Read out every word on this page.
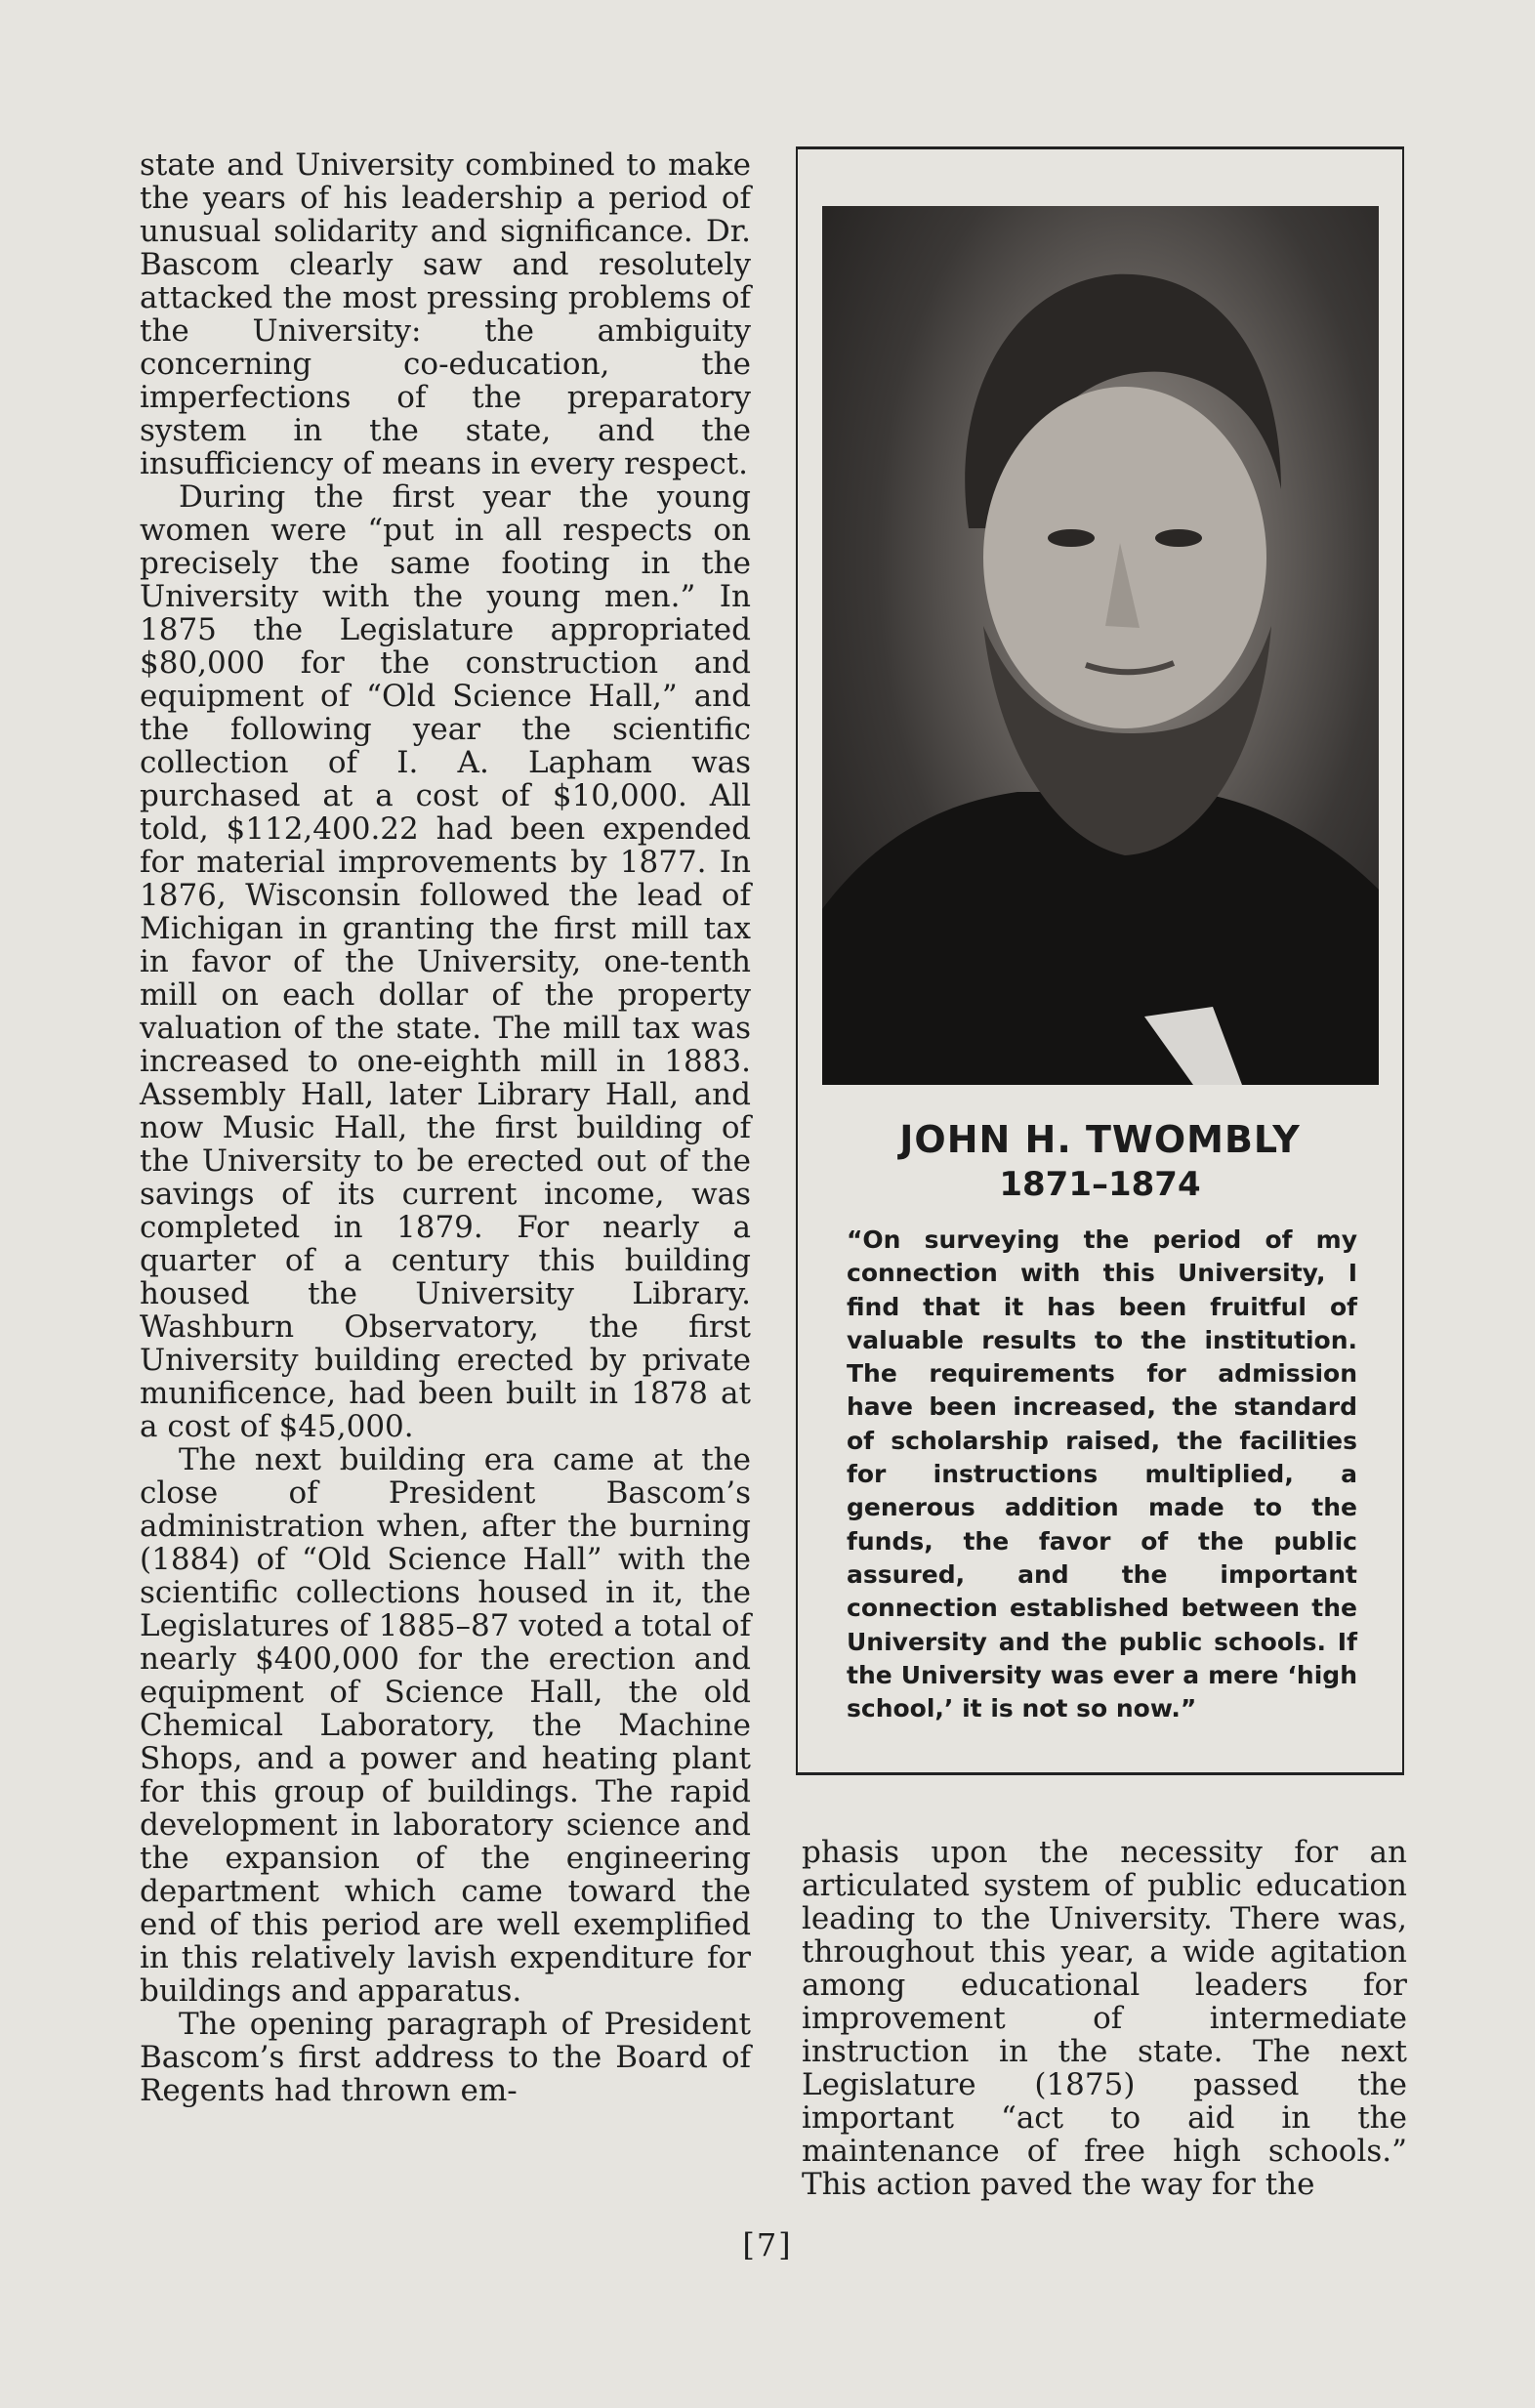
state and University combined to make the years of his leadership a period of unusual solidarity and significance. Dr. Bascom clearly saw and resolutely attacked the most pressing problems of the University: the ambiguity concerning co-education, the imperfections of the preparatory system in the state, and the insufficiency of means in every respect.

During the first year the young women were “put in all respects on precisely the same footing in the University with the young men.” In 1875 the Legislature appropriated $80,000 for the construction and equipment of “Old Science Hall,” and the following year the scientific collection of I. A. Lapham was purchased at a cost of $10,000. All told, $112,400.22 had been expended for material improvements by 1877. In 1876, Wisconsin followed the lead of Michigan in granting the first mill tax in favor of the University, one-tenth mill on each dollar of the property valuation of the state. The mill tax was increased to one-eighth mill in 1883. Assembly Hall, later Library Hall, and now Music Hall, the first building of the University to be erected out of the savings of its current income, was completed in 1879. For nearly a quarter of a century this building housed the University Library. Washburn Observatory, the first University building erected by private munificence, had been built in 1878 at a cost of $45,000.

The next building era came at the close of President Bascom’s administration when, after the burning (1884) of “Old Science Hall” with the scientific collections housed in it, the Legislatures of 1885–87 voted a total of nearly $400,000 for the erection and equipment of Science Hall, the old Chemical Laboratory, the Machine Shops, and a power and heating plant for this group of buildings. The rapid development in laboratory science and the expansion of the engineering department which came toward the end of this period are well exemplified in this relatively lavish expenditure for buildings and apparatus.

The opening paragraph of President Bascom’s first address to the Board of Regents had thrown em-

JOHN H. TWOMBLY
1871–1874
“On surveying the period of my connection with this University, I find that it has been fruitful of valuable results to the institution. The requirements for admission have been increased, the standard of scholarship raised, the facilities for instructions multiplied, a generous addition made to the funds, the favor of the public assured, and the important connection established between the University and the public schools. If the University was ever a mere ‘high school,’ it is not so now.”

phasis upon the necessity for an articulated system of public education leading to the University. There was, throughout this year, a wide agitation among educational leaders for improvement of intermediate instruction in the state. The next Legislature (1875) passed the important “act to aid in the maintenance of free high schools.” This action paved the way for the

[7]
